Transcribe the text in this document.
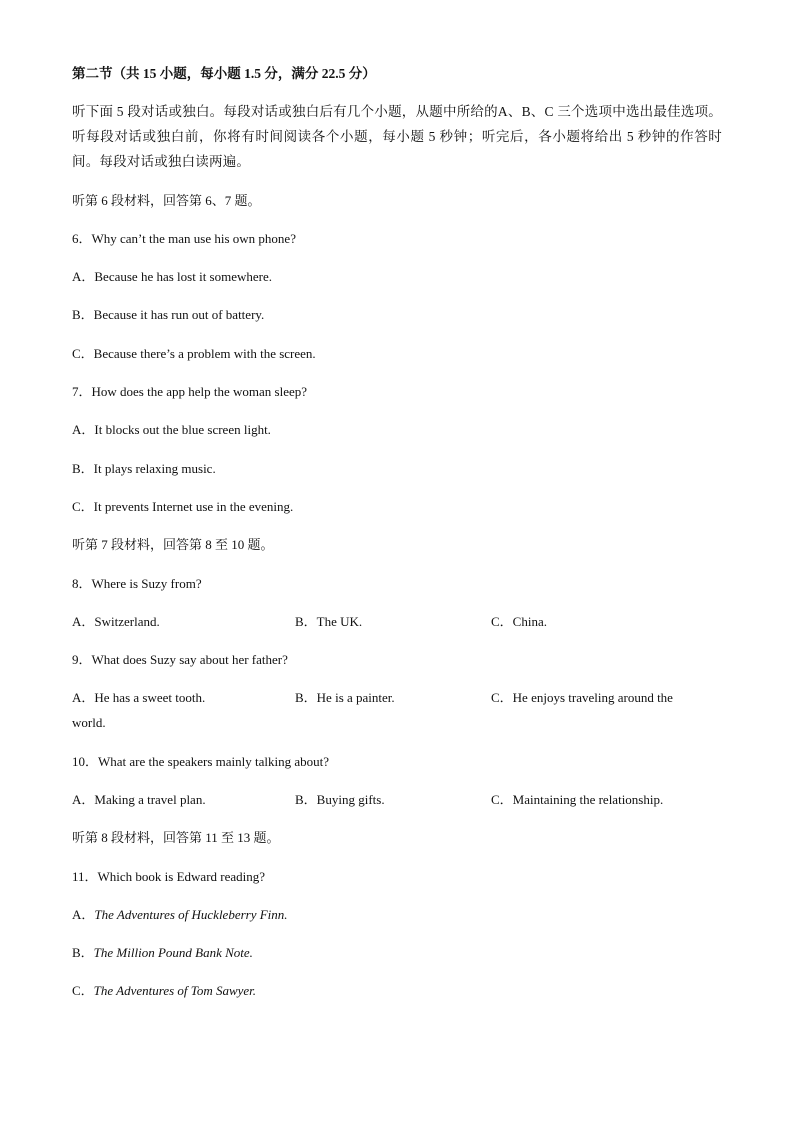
第二节（共 15 小题，每小题 1.5 分，满分 22.5 分）
听下面 5 段对话或独白。每段对话或独白后有几个小题，从题中所给的A、B、C 三个选项中选出最佳选项。听每段对话或独白前，你将有时间阅读各个小题，每小题 5 秒钟；听完后，各小题将给出 5 秒钟的作答时间。每段对话或独白读两遍。
听第 6 段材料，回答第 6、7 题。
6．Why can’t the man use his own phone?
A．Because he has lost it somewhere.
B．Because it has run out of battery.
C．Because there’s a problem with the screen.
7．How does the app help the woman sleep?
A．It blocks out the blue screen light.
B．It plays relaxing music.
C．It prevents Internet use in the evening.
听第 7 段材料，回答第 8 至 10 题。
8．Where is Suzy from?
A．Switzerland.	B．The UK.	C．China.
9．What does Suzy say about her father?
A．He has a sweet tooth.	B．He is a painter.	C．He enjoys traveling around the
world.
10．What are the speakers mainly talking about?
A．Making a travel plan.	B．Buying gifts.	C．Maintaining the relationship.
听第 8 段材料，回答第 11 至 13 题。
11．Which book is Edward reading?
A．The Adventures of Huckleberry Finn.
B．The Million Pound Bank Note.
C．The Adventures of Tom Sawyer.
